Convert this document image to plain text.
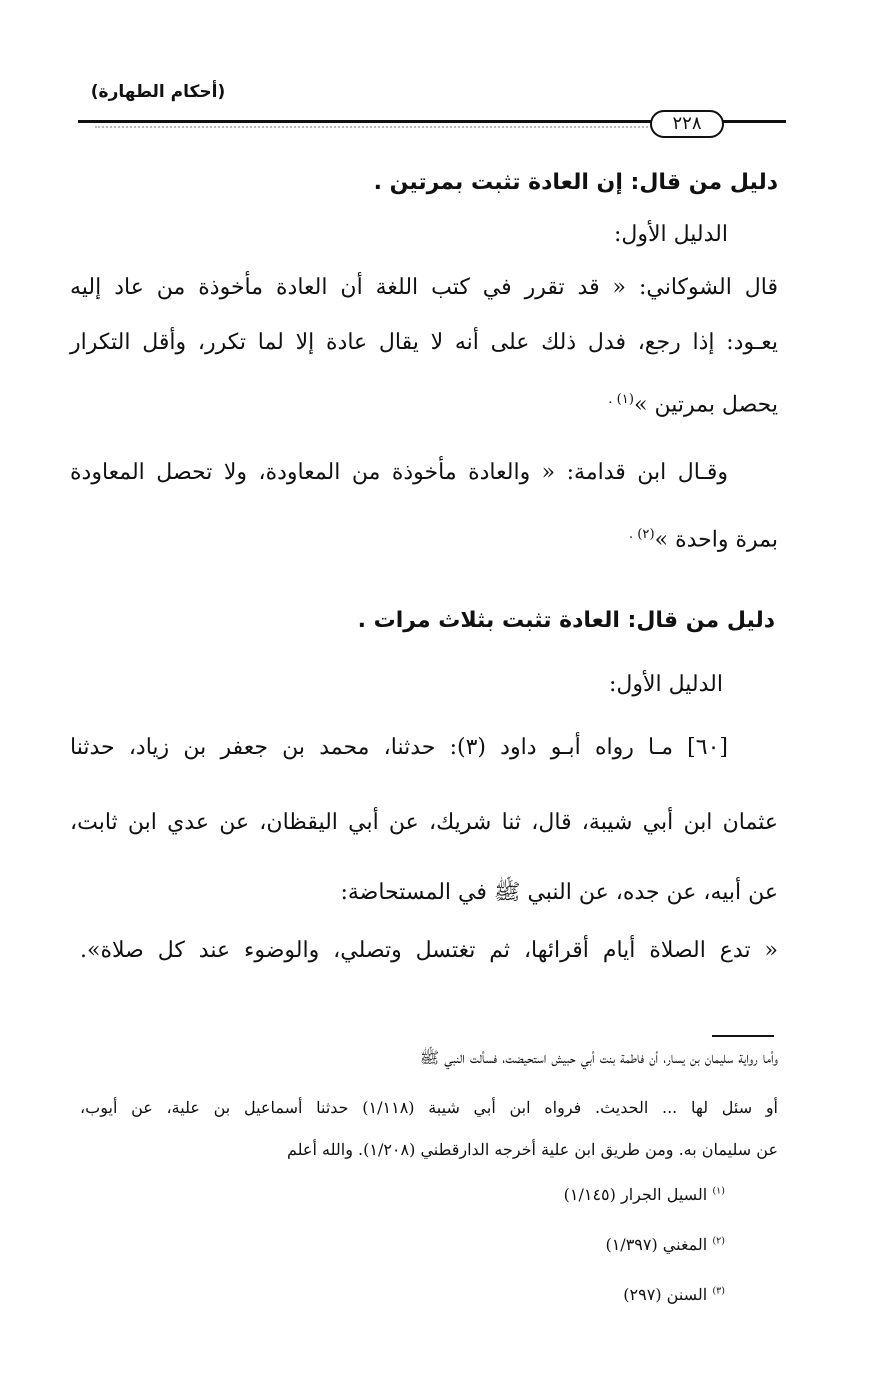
(أحكام الطهارة)
٢٢٨
دليل من قال: إن العادة تثبت بمرتين .
الدليل الأول:
قال الشوكاني: « قد تقرر في كتب اللغة أن العادة مأخوذة من عاد إليه
يعـود: إذا رجع، فدل ذلك على أنه لا يقال عادة إلا لما تكرر، وأقل التكرار
يحصل بمرتين »$^{(١) .}$
وقـال ابن قدامة: « والعادة مأخوذة من المعاودة، ولا تحصل المعاودة
بمرة واحدة »$^{(٢) .}$
دليل من قال: العادة تثبت بثلاث مرات .
الدليل الأول:
[٦٠] مـا رواه أبـو داود (٣): حدثنا، محمد بن جعفر بن زياد، حدثنا
عثمان ابن أبي شيبة، قال، ثنا شريك، عن أبي اليقظان، عن عدي ابن ثابت،
عن أبيه، عن جده، عن النبي ﷺ في المستحاضة:
« تدع الصلاة أيام أقرائها، ثم تغتسل وتصلي، والوضوء عند كل صلاة».
وأما رواية سليمان بن يسار، أن فاطمة بنت أبي حبيش استحيضت، فسألت النبي ﷺ
أو سئل لها ... الحديث. فرواه ابن أبي شيبة (١/١١٨) حدثنا أسماعيل بن علية، عن أيوب،
عن سليمان به. ومن طريق ابن علية أخرجه الدارقطني (١/٢٠٨). والله أعلم
$^{(١)}$ السيل الجرار (١/١٤٥)
$^{(٢)}$ المغني (١/٣٩٧)
$^{(٣)}$ السنن (٢٩٧)
